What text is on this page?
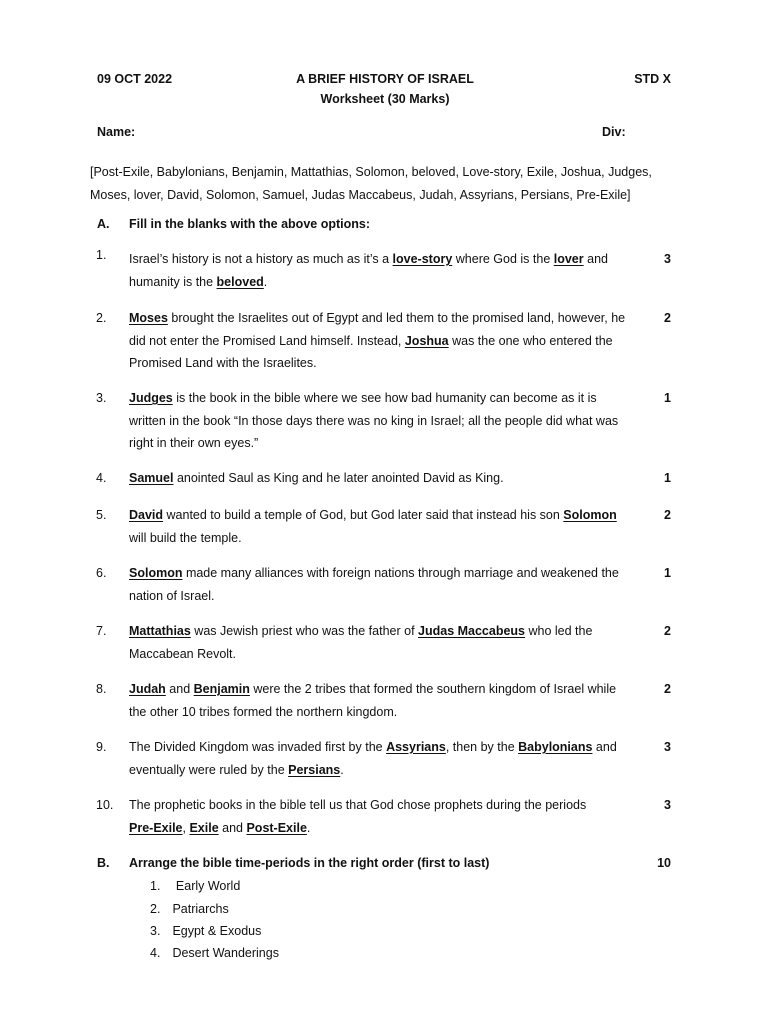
09 OCT 2022	A BRIEF HISTORY OF ISRAEL
Worksheet (30 Marks)
STD X
Name:	Div:
[Post-Exile, Babylonians, Benjamin, Mattathias, Solomon, beloved, Love-story, Exile, Joshua, Judges,
Moses, lover, David, Solomon, Samuel, Judas Maccabeus, Judah, Assyrians, Persians, Pre-Exile]
A. Fill in the blanks with the above options:
1. Israel’s history is not a history as much as it’s a love-story where God is the lover and
humanity is the beloved.
3
2. Moses brought the Israelites out of Egypt and led them to the promised land, however, he
did not enter the Promised Land himself. Instead, Joshua was the one who entered the
Promised Land with the Israelites.
2
3. Judges is the book in the bible where we see how bad humanity can become as it is
written in the book “In those days there was no king in Israel; all the people did what was
right in their own eyes.”
1
4. Samuel anointed Saul as King and he later anointed David as King.	1
5. David wanted to build a temple of God, but God later said that instead his son Solomon
will build the temple.
2
6. Solomon made many alliances with foreign nations through marriage and weakened the
nation of Israel.
1
7. Mattathias was Jewish priest who was the father of Judas Maccabeus who led the
Maccabean Revolt.
2
8. Judah and Benjamin were the 2 tribes that formed the southern kingdom of Israel while
the other 10 tribes formed the northern kingdom.
2
9. The Divided Kingdom was invaded first by the Assyrians, then by the Babylonians and
eventually were ruled by the Persians.
3
10. The prophetic books in the bible tell us that God chose prophets during the periods
Pre-Exile, Exile and Post-Exile.
3
B. Arrange the bible time-periods in the right order (first to last)	10
1. Early World
2. Patriarchs
3. Egypt & Exodus
4. Desert Wanderings
